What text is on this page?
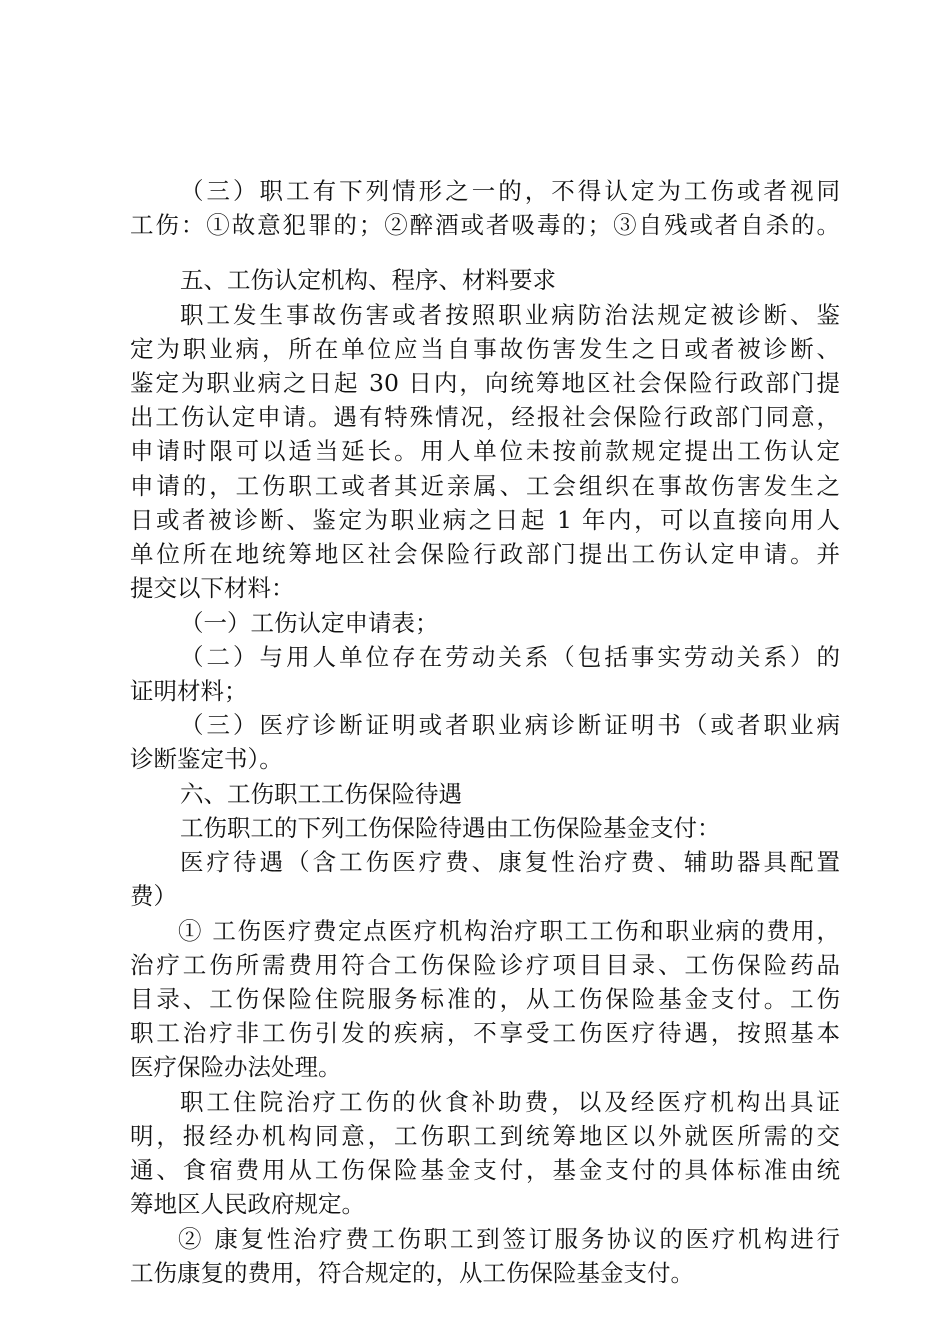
（三）职工有下列情形之一的，不得认定为工伤或者视同
工伤：①故意犯罪的；②醉酒或者吸毒的；③自残或者自杀的。
五、工伤认定机构、程序、材料要求
职工发生事故伤害或者按照职业病防治法规定被诊断、鉴
定为职业病，所在单位应当自事故伤害发生之日或者被诊断、
鉴定为职业病之日起 30 日内，向统筹地区社会保险行政部门提
出工伤认定申请。遇有特殊情况，经报社会保险行政部门同意，
申请时限可以适当延长。用人单位未按前款规定提出工伤认定
申请的，工伤职工或者其近亲属、工会组织在事故伤害发生之
日或者被诊断、鉴定为职业病之日起 1 年内，可以直接向用人
单位所在地统筹地区社会保险行政部门提出工伤认定申请。并
提交以下材料：
（一）工伤认定申请表；
（二）与用人单位存在劳动关系（包括事实劳动关系）的
证明材料；
（三）医疗诊断证明或者职业病诊断证明书（或者职业病
诊断鉴定书）。
六、工伤职工工伤保险待遇
工伤职工的下列工伤保险待遇由工伤保险基金支付：
医疗待遇（含工伤医疗费、康复性治疗费、辅助器具配置
费）
① 工伤医疗费定点医疗机构治疗职工工伤和职业病的费用，
治疗工伤所需费用符合工伤保险诊疗项目目录、工伤保险药品
目录、工伤保险住院服务标准的，从工伤保险基金支付。工伤
职工治疗非工伤引发的疾病，不享受工伤医疗待遇，按照基本
医疗保险办法处理。
职工住院治疗工伤的伙食补助费，以及经医疗机构出具证
明，报经办机构同意，工伤职工到统筹地区以外就医所需的交
通、食宿费用从工伤保险基金支付，基金支付的具体标准由统
筹地区人民政府规定。
② 康复性治疗费工伤职工到签订服务协议的医疗机构进行
工伤康复的费用，符合规定的，从工伤保险基金支付。
